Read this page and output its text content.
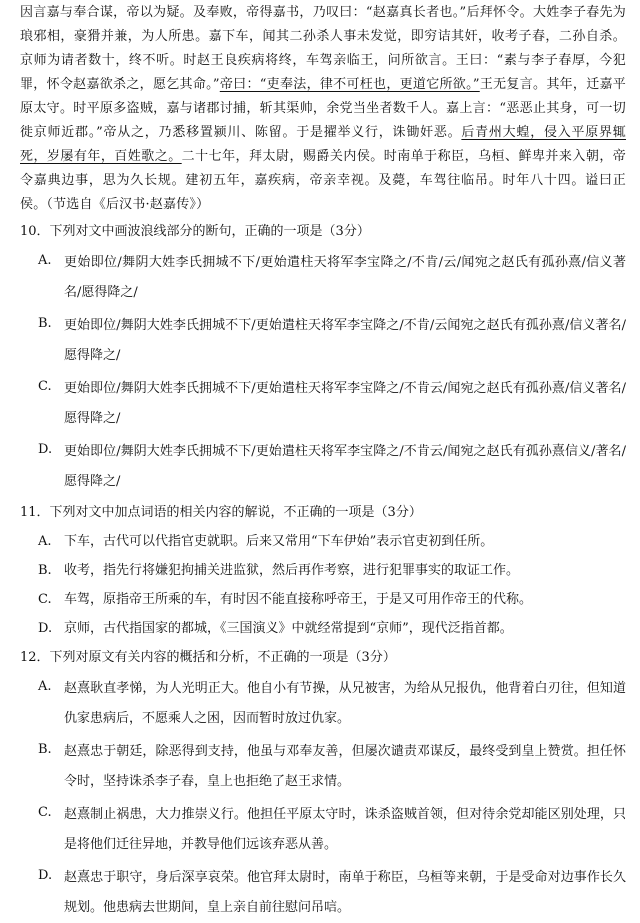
因言嘉与奉合谋，帝以为疑。及奉败，帝得嘉书，乃叹曰：“赵嘉真长者也。”后拜怀令。大姓李子春先为琅邪相，豪猾并兼，为人所患。嘉下车，闻其二孙杀人事未发觉，即穷诘其奸，收考子春，二孙自杀。京师为请者数十，终不听。时赵王良疾病将终，车驾亲临王，问所欲言。王曰：“素与李子春厚，今犯罪，怀令赵嘉欲杀之，愿乞其命。”帝曰：“吏奉法，律不可枉也，更道它所欲。”王无复言。其年，迁嘉平原太守。时平原多盗贼，嘉与诸郡讨捕，斩其渠帅，余党当坐者数千人。嘉上言：“恶恶止其身，可一切徙京师近郡。”帝从之，乃悉移置颍川、陈留。于是擢举义行，诛锄奸恶。后青州大蝗，侵入平原界辄死，岁屡有年，百姓歌之。二十七年，拜太尉，赐爵关内侯。时南单于称臣，乌桓、鲜卑并来入朝，帝令嘉典边事，思为久长规。建初五年，嘉疾病，帝亲幸视。及薨，车驾往临吊。时年八十四。谥曰正侯。（节选自《后汉书·赵嘉传》）

10．下列对文中画波浪线部分的断句，正确的一项是（3分）
A. 更始即位/舞阴大姓李氏拥城不下/更始遣柱天将军李宝降之/不肯/云/闻宛之赵氏有孤孙熹/信义著名/愿得降之/
B. 更始即位/舞阴大姓李氏拥城不下/更始遣柱天将军李宝降之/不肯/云闻宛之赵氏有孤孙熹/信义著名/愿得降之/
C. 更始即位/舞阴大姓李氏拥城不下/更始遣柱天将军李宝降之/不肯云/闻宛之赵氏有孤孙熹/信义著名/愿得降之/
D. 更始即位/舞阴大姓李氏拥城不下/更始遣柱天将军李宝降之/不肯云/闻宛之赵氏有孤孙熹信义/著名/愿得降之/
11．下列对文中加点词语的相关内容的解说，不正确的一项是（3分）
A. 下车，古代可以代指官吏就职。后来又常用“下车伊始”表示官吏初到任所。
B. 收考，指先行将嫌犯拘捕关进监狱，然后再作考察，进行犯罪事实的取证工作。
C. 车驾，原指帝王所乘的车，有时因不能直接称呼帝王，于是又可用作帝王的代称。
D. 京师，古代指国家的都城，《三国演义》中就经常提到“京师”，现代泛指首都。
12．下列对原文有关内容的概括和分析，不正确的一项是（3分）
A. 赵熹耿直孝悌，为人光明正大。他自小有节操，从兄被害，为给从兄报仇，他背着白刃往，但知道仇家患病后，不愿乘人之困，因而暂时放过仇家。
B. 赵熹忠于朝廷，除恶得到支持，他虽与邓奉友善，但屡次谴责邓谋反，最终受到皇上赞赏。担任怀令时，坚持诛杀李子春，皇上也拒绝了赵王求情。
C. 赵熹制止祸患，大力推崇义行。他担任平原太守时，诛杀盗贼首领，但对待余党却能区别处理，只是将他们迁往异地，并教导他们远该弃恶从善。
D. 赵熹忠于职守，身后深享哀荣。他官拜太尉时，南单于称臣，乌桓等来朝，于是受命对边事作长久规划。他患病去世期间，皇上亲自前往慰问吊唁。
